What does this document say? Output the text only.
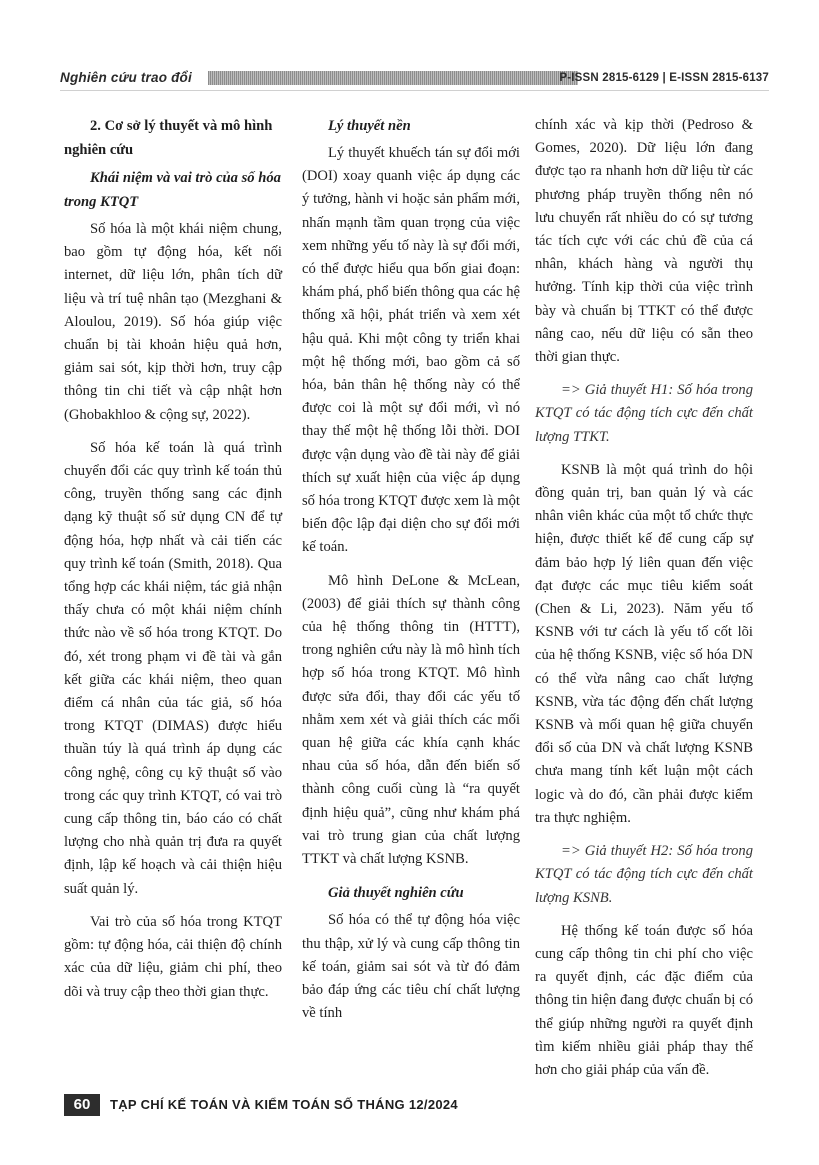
Nghiên cứu trao đổi	P-ISSN 2815-6129 | E-ISSN 2815-6137
2. Cơ sở lý thuyết và mô hình nghiên cứu
Khái niệm và vai trò của số hóa trong KTQT

Số hóa là một khái niệm chung, bao gồm tự động hóa, kết nối internet, dữ liệu lớn, phân tích dữ liệu và trí tuệ nhân tạo (Mezghani & Aloulou, 2019). Số hóa giúp việc chuẩn bị tài khoản hiệu quả hơn, giảm sai sót, kịp thời hơn, truy cập thông tin chi tiết và cập nhật hơn (Ghobakhloo & cộng sự, 2022).

Số hóa kế toán là quá trình chuyển đổi các quy trình kế toán thủ công, truyền thống sang các định dạng kỹ thuật số sử dụng CN để tự động hóa, hợp nhất và cải tiến các quy trình kế toán (Smith, 2018). Qua tổng hợp các khái niệm, tác giả nhận thấy chưa có một khái niệm chính thức nào về số hóa trong KTQT. Do đó, xét trong phạm vi đề tài và gắn kết giữa các khái niệm, theo quan điểm cá nhân của tác giả, số hóa trong KTQT (DIMAS) được hiểu thuần túy là quá trình áp dụng các công nghệ, công cụ kỹ thuật số vào trong các quy trình KTQT, có vai trò cung cấp thông tin, báo cáo có chất lượng cho nhà quản trị đưa ra quyết định, lập kế hoạch và cải thiện hiệu suất quản lý.

Vai trò của số hóa trong KTQT gồm: tự động hóa, cải thiện độ chính xác của dữ liệu, giảm chi phí, theo dõi và truy cập theo thời gian thực.

Lý thuyết nền

Lý thuyết khuếch tán sự đổi mới (DOI) xoay quanh việc áp dụng các ý tưởng, hành vi hoặc sản phẩm mới, nhấn mạnh tầm quan trọng của việc xem những yếu tố này là sự đổi mới, có thể được hiểu qua bốn giai đoạn: khám phá, phổ biến thông qua các hệ thống xã hội, phát triển và xem xét hậu quả. Khi một công ty triển khai một hệ thống mới, bao gồm cả số hóa, bản thân hệ thống này có thể được coi là một sự đổi mới, vì nó thay thế một hệ thống lỗi thời. DOI được vận dụng vào đề tài này để giải thích sự xuất hiện của việc áp dụng số hóa trong KTQT được xem là một biến độc lập đại diện cho sự đổi mới kế toán.

Mô hình DeLone & McLean, (2003) để giải thích sự thành công của hệ thống thông tin (HTTT), trong nghiên cứu này là mô hình tích hợp số hóa trong KTQT. Mô hình được sửa đổi, thay đổi các yếu tố nhằm xem xét và giải thích các mối quan hệ giữa các khía cạnh khác nhau của số hóa, dẫn đến biến số thành công cuối cùng là “ra quyết định hiệu quả”, cũng như khám phá vai trò trung gian của chất lượng TTKT và chất lượng KSNB.

Giả thuyết nghiên cứu

Số hóa có thể tự động hóa việc thu thập, xử lý và cung cấp thông tin kế toán, giảm sai sót và từ đó đảm bảo đáp ứng các tiêu chí chất lượng về tính

chính xác và kịp thời (Pedroso & Gomes, 2020). Dữ liệu lớn đang được tạo ra nhanh hơn dữ liệu từ các phương pháp truyền thống nên nó lưu chuyển rất nhiều do có sự tương tác tích cực với các chủ đề của cá nhân, khách hàng và người thụ hưởng. Tính kịp thời của việc trình bày và chuẩn bị TTKT có thể được nâng cao, nếu dữ liệu có sẵn theo thời gian thực.

=> Giả thuyết H1: Số hóa trong KTQT có tác động tích cực đến chất lượng TTKT.

KSNB là một quá trình do hội đồng quản trị, ban quản lý và các nhân viên khác của một tổ chức thực hiện, được thiết kế để cung cấp sự đảm bảo hợp lý liên quan đến việc đạt được các mục tiêu kiểm soát (Chen & Li, 2023). Năm yếu tố KSNB với tư cách là yếu tố cốt lõi của hệ thống KSNB, việc số hóa DN có thể vừa nâng cao chất lượng KSNB, vừa tác động đến chất lượng KSNB và mối quan hệ giữa chuyển đổi số của DN và chất lượng KSNB chưa mang tính kết luận một cách logic và do đó, cần phải được kiểm tra thực nghiệm.

=> Giả thuyết H2: Số hóa trong KTQT có tác động tích cực đến chất lượng KSNB.

Hệ thống kế toán được số hóa cung cấp thông tin chi phí cho việc ra quyết định, các đặc điểm của thông tin hiện đang được chuẩn bị có thể giúp những người ra quyết định tìm kiếm nhiều giải pháp thay thế hơn cho giải pháp của vấn đề.

60	TẠP CHÍ KẾ TOÁN VÀ KIỂM TOÁN SỐ THÁNG 12/2024
